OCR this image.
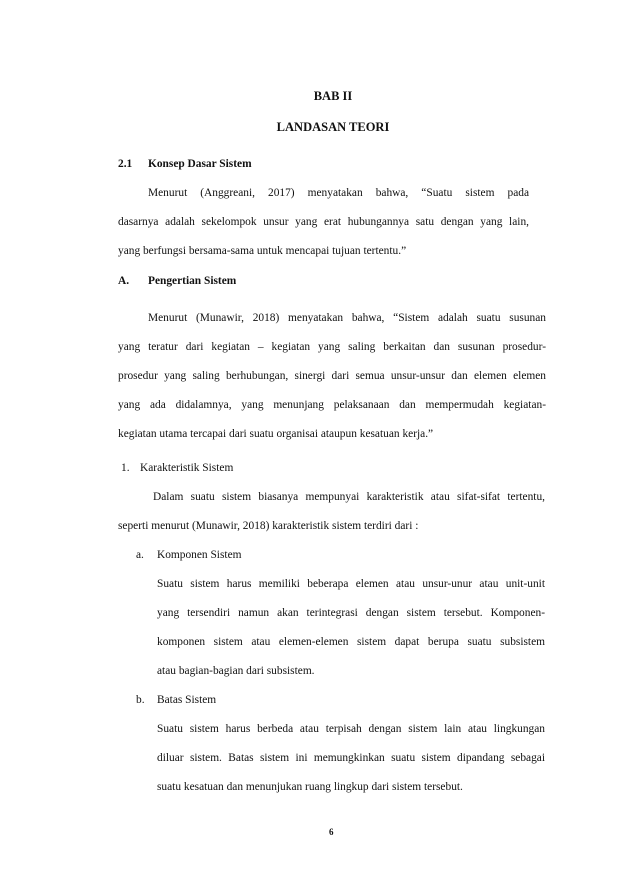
BAB II
LANDASAN TEORI
2.1 Konsep Dasar Sistem
Menurut (Anggreani, 2017) menyatakan bahwa, “Suatu sistem pada
dasarnya adalah sekelompok unsur yang erat hubungannya satu dengan yang lain,
yang berfungsi bersama-sama untuk mencapai tujuan tertentu.”
A. Pengertian Sistem
Menurut (Munawir, 2018) menyatakan bahwa, “Sistem adalah suatu susunan
yang teratur dari kegiatan – kegiatan yang saling berkaitan dan susunan prosedur-
prosedur yang saling berhubungan, sinergi dari semua unsur-unsur dan elemen elemen
yang ada didalamnya, yang menunjang pelaksanaan dan mempermudah kegiatan-
kegiatan utama tercapai dari suatu organisai ataupun kesatuan kerja.”
1. Karakteristik Sistem
Dalam suatu sistem biasanya mempunyai karakteristik atau sifat-sifat tertentu,
seperti menurut (Munawir, 2018) karakteristik sistem terdiri dari :
a. Komponen Sistem
Suatu sistem harus memiliki beberapa elemen atau unsur-unur atau unit-unit
yang tersendiri namun akan terintegrasi dengan sistem tersebut. Komponen-
komponen sistem atau elemen-elemen sistem dapat berupa suatu subsistem
atau bagian-bagian dari subsistem.
b. Batas Sistem
Suatu sistem harus berbeda atau terpisah dengan sistem lain atau lingkungan
diluar sistem. Batas sistem ini memungkinkan suatu sistem dipandang sebagai
suatu kesatuan dan menunjukan ruang lingkup dari sistem tersebut.
6
